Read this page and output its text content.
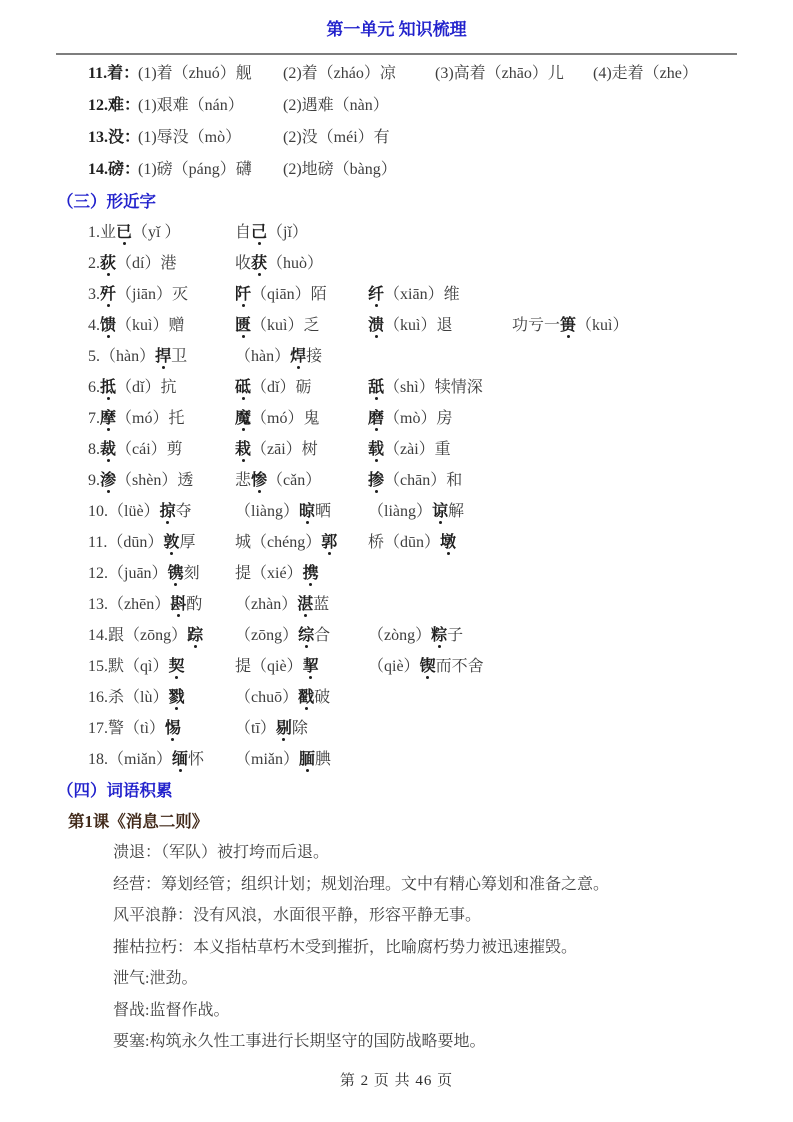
第一单元 知识梳理
11.着：
(1)着（zhuó）舰	(2)着（zháo）凉	(3)高着（zhāo）儿	(4)走着（zhe）
12.难：
(1)艰难（nán）	(2)遇难（nàn）
13.没：
(1)辱没（mò）	(2)没（méi）有
14.磅：
(1)磅（páng）礴	(2)地磅（bàng）
（三）形近字
1.业已（yǐ ）	自己（jǐ）
2.荻（dí）港	收获（huò）
3.歼（jiān）灭	阡（qiān）陌	纤（xiān）维
4.馈（kuì）赠	匮（kuì）乏	溃（kuì）退	功亏一篑（kuì）
5.（hàn）捍卫	（hàn）焊接
6.抵（dǐ）抗	砥（dǐ）砺	舐（shì）犊情深
7.摩（mó）托	魔（mó）鬼	磨（mò）房
8.裁（cái）剪	栽（zāi）树	载（zài）重
9.渗（shèn）透	悲惨（cǎn）	掺（chān）和
10.（lüè）掠夺	（liàng）晾晒	（liàng）谅解
11.（dūn）敦厚	城（chéng）郭	桥（dūn）墩
12.（juān）镌刻	提（xié）携
13.（zhēn）斟酌	（zhàn）湛蓝
14.跟（zōng）踪	（zōng）综合	（zòng）粽子
15.默（qì）契	提（qiè）挈	（qiè）锲而不舍
16.杀（lù）戮	（chuō）戳破
17.警（tì）惕	（tī）剔除
18.（miǎn）缅怀	（miǎn）腼腆
（四）词语积累
第1课《消息二则》

溃退：（军队）被打垮而后退。

经营：筹划经管；组织计划；规划治理。文中有精心筹划和准备之意。

风平浪静：没有风浪，水面很平静，形容平静无事。

摧枯拉朽：本义指枯草朽木受到摧折，比喻腐朽势力被迅速摧毁。

泄气:泄劲。

督战:监督作战。

要塞:构筑永久性工事进行长期坚守的国防战略要地。

第 2 页 共 46 页
